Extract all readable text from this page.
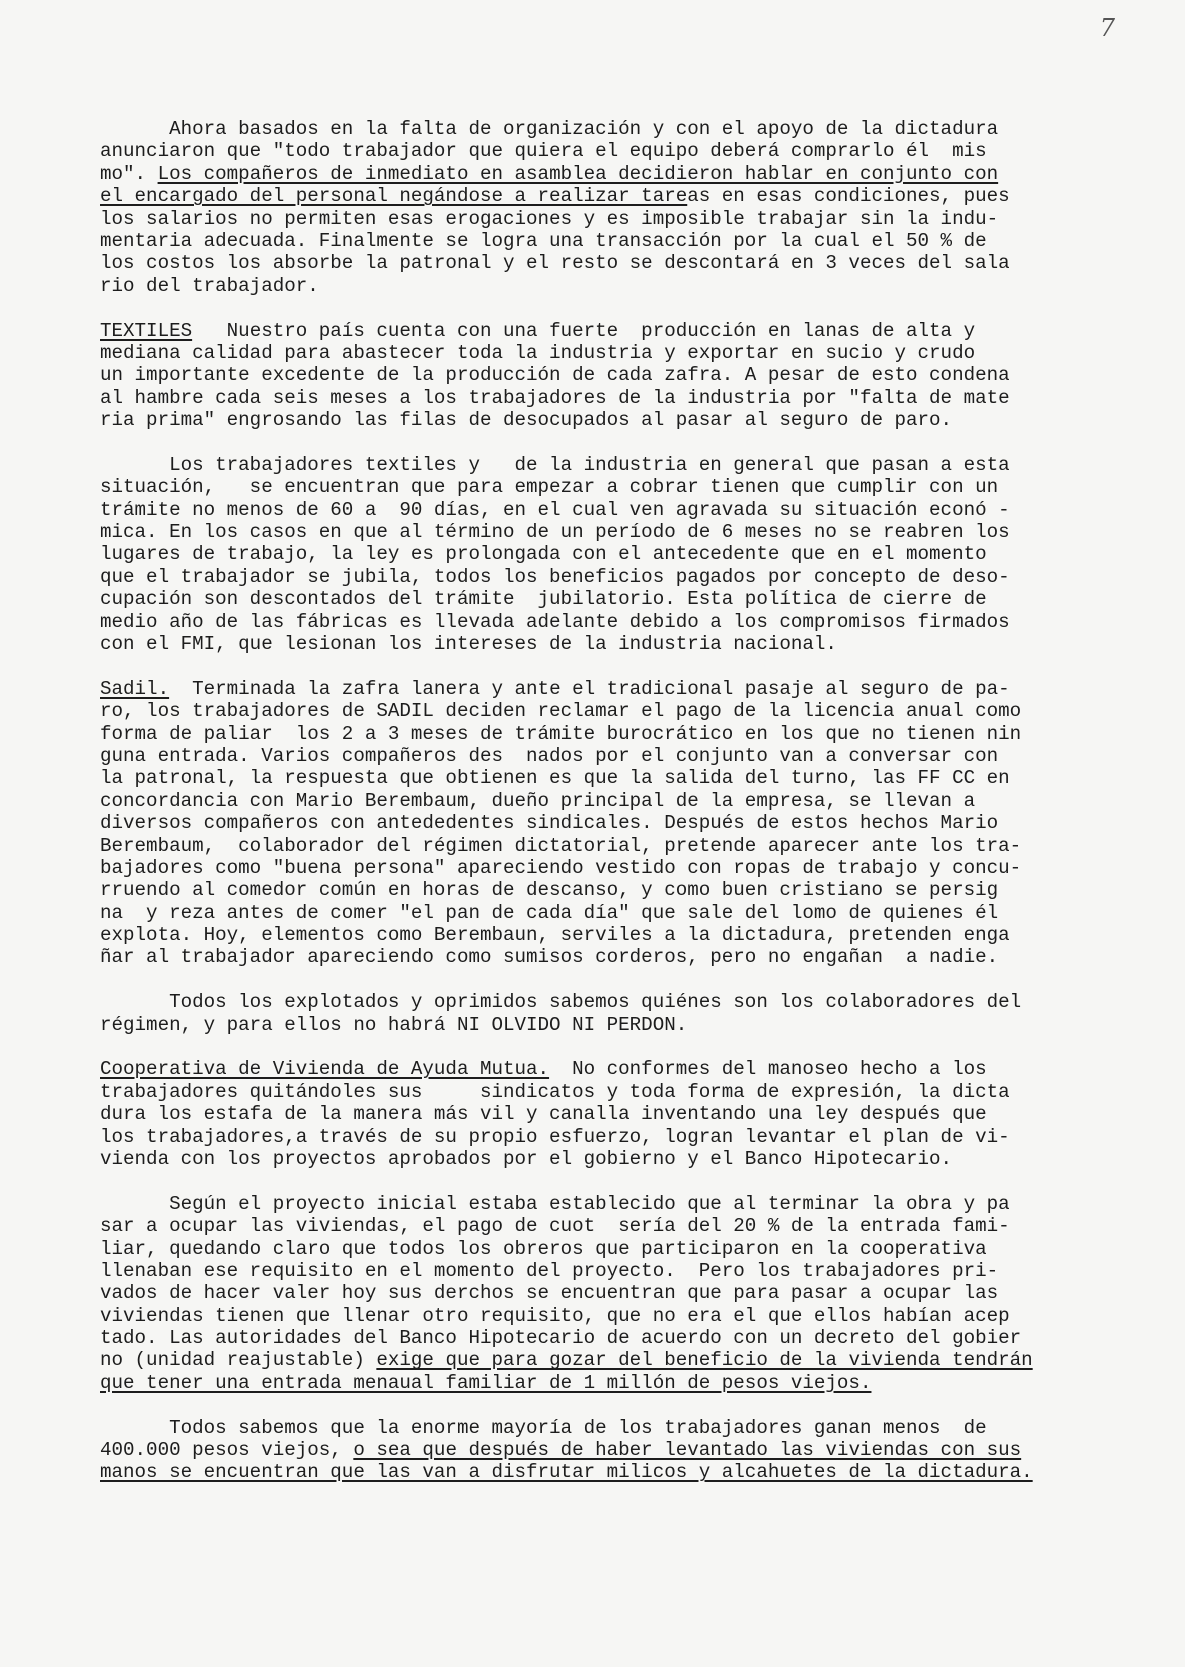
7
Ahora basados en la falta de organización y con el apoyo de la dictadura
anunciaron que "todo trabajador que quiera el equipo deberá comprarlo él  mis
mo". Los compañeros de inmediato en asamblea decidieron hablar en conjunto con
el encargado del personal negándose a realizar tareas en esas condiciones, pues
los salarios no permiten esas erogaciones y es imposible trabajar sin la indu-
mentaria adecuada. Finalmente se logra una transacción por la cual el 50 % de
los costos los absorbe la patronal y el resto se descontará en 3 veces del sala
rio del trabajador.
TEXTILES   Nuestro país cuenta con una fuerte  producción en lanas de alta y
mediana calidad para abastecer toda la industria y exportar en sucio y crudo
un importante excedente de la producción de cada zafra. A pesar de esto condena
al hambre cada seis meses a los trabajadores de la industria por "falta de mate
ria prima" engrosando las filas de desocupados al pasar al seguro de paro.
Los trabajadores textiles y   de la industria en general que pasan a esta
situación,   se encuentran que para empezar a cobrar tienen que cumplir con un
trámite no menos de 60 a  90 días, en el cual ven agravada su situación econó -
mica. En los casos en que al término de un período de 6 meses no se reabren los
lugares de trabajo, la ley es prolongada con el antecedente que en el momento
que el trabajador se jubila, todos los beneficios pagados por concepto de deso-
cupación son descontados del trámite  jubilatorio. Esta política de cierre de
medio año de las fábricas es llevada adelante debido a los compromisos firmados
con el FMI, que lesionan los intereses de la industria nacional.
Sadil.  Terminada la zafra lanera y ante el tradicional pasaje al seguro de pa-
ro, los trabajadores de SADIL deciden reclamar el pago de la licencia anual como
forma de paliar  los 2 a 3 meses de trámite burocrático en los que no tienen nin
guna entrada. Varios compañeros des  nados por el conjunto van a conversar con
la patronal, la respuesta que obtienen es que la salida del turno, las FF CC en
concordancia con Mario Berembaum, dueño principal de la empresa, se llevan a
diversos compañeros con antededentes sindicales. Después de estos hechos Mario
Berembaum,  colaborador del régimen dictatorial, pretende aparecer ante los tra-
bajadores como "buena persona" apareciendo vestido con ropas de trabajo y concu-
rruendo al comedor común en horas de descanso, y como buen cristiano se persig
na  y reza antes de comer "el pan de cada día" que sale del lomo de quienes él
explota. Hoy, elementos como Berembaun, serviles a la dictadura, pretenden enga
ñar al trabajador apareciendo como sumisos corderos, pero no engañan  a nadie.
Todos los explotados y oprimidos sabemos quiénes son los colaboradores del
régimen, y para ellos no habrá NI OLVIDO NI PERDON.
Cooperativa de Vivienda de Ayuda Mutua.  No conformes del manoseo hecho a los
trabajadores quitándoles sus     sindicatos y toda forma de expresión, la dicta
dura los estafa de la manera más vil y canalla inventando una ley después que
los trabajadores,a través de su propio esfuerzo, logran levantar el plan de vi-
vienda con los proyectos aprobados por el gobierno y el Banco Hipotecario.
Según el proyecto inicial estaba establecido que al terminar la obra y pa
sar a ocupar las viviendas, el pago de cuot  sería del 20 % de la entrada fami-
liar, quedando claro que todos los obreros que participaron en la cooperativa
llenaban ese requisito en el momento del proyecto.  Pero los trabajadores pri-
vados de hacer valer hoy sus derchos se encuentran que para pasar a ocupar las
viviendas tienen que llenar otro requisito, que no era el que ellos habían acep
tado. Las autoridades del Banco Hipotecario de acuerdo con un decreto del gobier
no (unidad reajustable) exige que para gozar del beneficio de la vivienda tendrán
que tener una entrada menaual familiar de 1 millón de pesos viejos.
Todos sabemos que la enorme mayoría de los trabajadores ganan menos  de
400.000 pesos viejos, o sea que después de haber levantado las viviendas con sus
manos se encuentran que las van a disfrutar milicos y alcahuetes de la dictadura.
